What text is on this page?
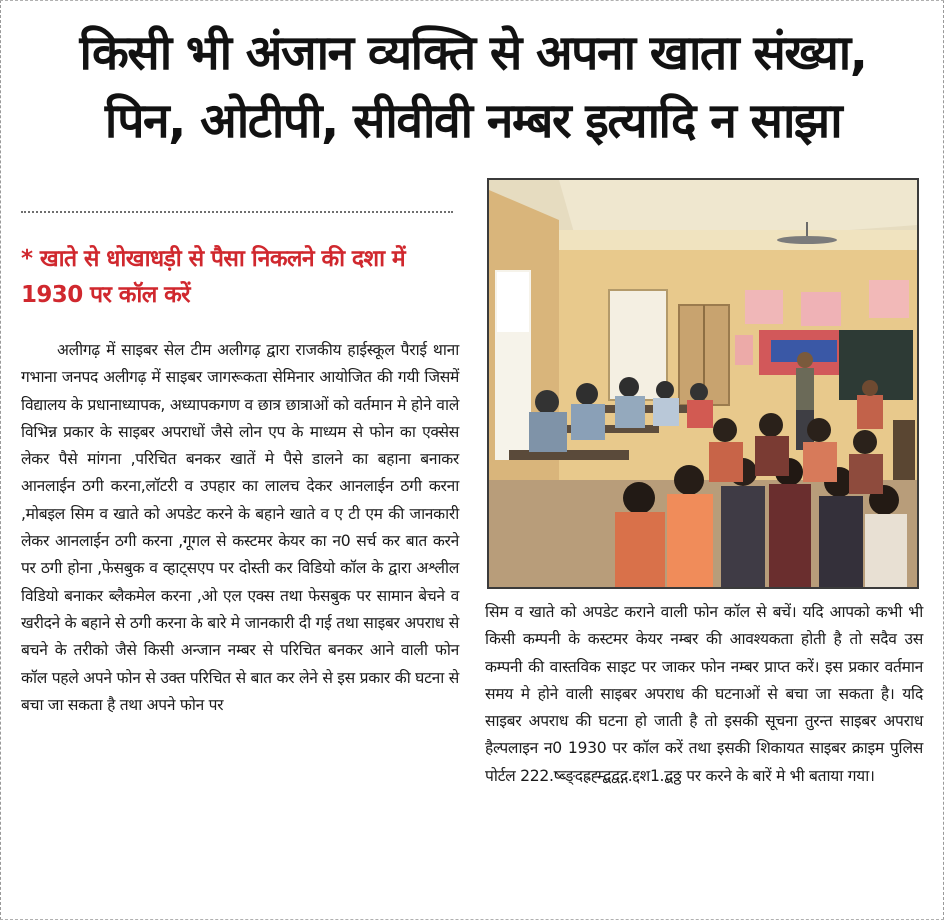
किसी भी अंजान व्यक्ति से अपना खाता संख्या,
पिन, ओटीपी, सीवीवी नम्बर इत्यादि न साझा
* खाते से धोखाधड़ी से पैसा निकलने की दशा में 1930 पर कॉल करें
अलीगढ़ में साइबर सेल टीम अलीगढ़ द्वारा राजकीय हाईस्कूल पैराई थाना गभाना जनपद अलीगढ़ में साइबर जागरूकता सेमिनार आयोजित की गयी जिसमें विद्यालय के प्रधानाध्यापक, अध्यापकगण व छात्र छात्राओं को वर्तमान मे होने वाले विभिन्न प्रकार के साइबर अपराधों जैसे लोन एप के माध्यम से फोन का एक्सेस लेकर पैसे मांगना ,परिचित बनकर खातें मे पैसे डालने का बहाना बनाकर आनलाईन ठगी करना,लॉटरी व उपहार का लालच देकर आनलाईन ठगी करना ,मोबइल सिम व खाते को अपडेट करने के बहाने खाते व ए टी एम की जानकारी लेकर आनलाईन ठगी करना ,गूगल से कस्टमर केयर का न0 सर्च कर बात करने पर ठगी होना ,फेसबुक व व्हाट्सएप पर दोस्ती कर विडियो कॉल के द्वारा अश्लील विडियो बनाकर ब्लैकमेल करना ,ओ एल एक्स तथा फेसबुक पर सामान बेचने व खरीदने के बहाने से ठगी करना के बारे मे जानकारी दी गई तथा साइबर अपराध से बचने के तरीको जैसे किसी अन्जान नम्बर से परिचित बनकर आने वाली फोन कॉल पहले अपने फोन से उक्त परिचित से बात कर लेने से इस प्रकार की घटना से बचा जा सकता है तथा अपने फोन पर
सिम व खाते को अपडेट कराने वाली फोन कॉल से बचें। यदि आपको कभी भी किसी कम्पनी के कस्टमर केयर नम्बर की आवश्यकता होती है तो सदैव उस कम्पनी की वास्तविक साइट पर जाकर फोन नम्बर प्राप्त करें। इस प्रकार वर्तमान समय मे होने वाली साइबर अपराध की घटनाओं से बचा जा सकता है। यदि साइबर अपराध की घटना हो जाती है तो इसकी सूचना तुरन्त साइबर अपराध हैल्पलाइन न0 1930 पर कॉल करें तथा इसकी शिकायत साइबर क्राइम पुलिस पोर्टल 222.ष्ब्ङ्दह्रह्म्द्बद्वद्ग.द्दश1.द्बठ्ठ पर करने के बारें मे भी बताया गया।
